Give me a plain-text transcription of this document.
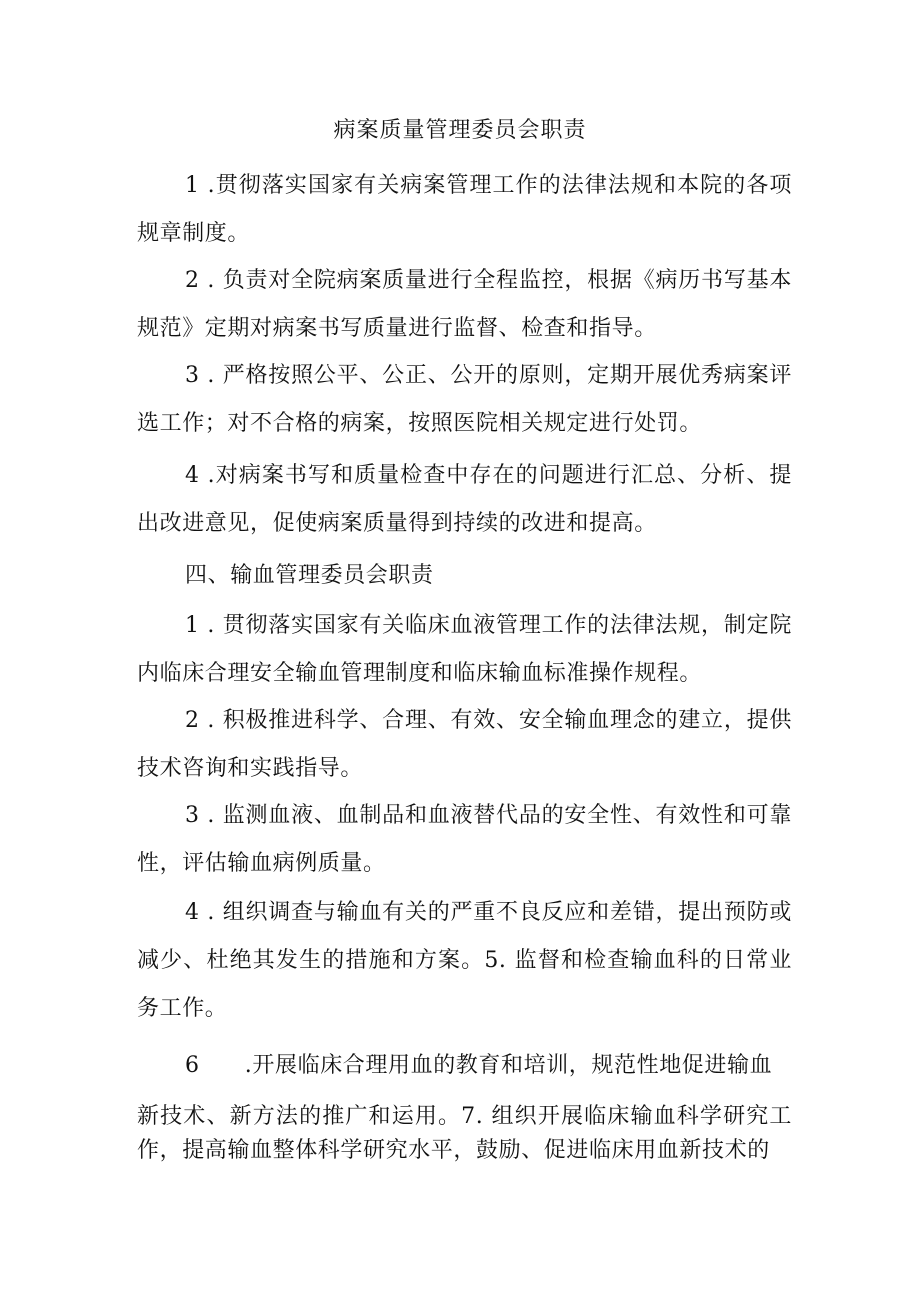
病案质量管理委员会职责
1 .贯彻落实国家有关病案管理工作的法律法规和本院的各项规章制度。
2 . 负责对全院病案质量进行全程监控，根据《病历书写基本规范》定期对病案书写质量进行监督、检查和指导。
3 . 严格按照公平、公正、公开的原则，定期开展优秀病案评选工作；对不合格的病案，按照医院相关规定进行处罚。
4 .对病案书写和质量检查中存在的问题进行汇总、分析、提出改进意见，促使病案质量得到持续的改进和提高。
四、输血管理委员会职责
1 . 贯彻落实国家有关临床血液管理工作的法律法规，制定院内临床合理安全输血管理制度和临床输血标准操作规程。
2 . 积极推进科学、合理、有效、安全输血理念的建立，提供技术咨询和实践指导。
3 . 监测血液、血制品和血液替代品的安全性、有效性和可靠性，评估输血病例质量。
4 . 组织调查与输血有关的严重不良反应和差错，提出预防或减少、杜绝其发生的措施和方案。5. 监督和检查输血科的日常业务工作。
6　　.开展临床合理用血的教育和培训，规范性地促进输血
新技术、新方法的推广和运用。7. 组织开展临床输血科学研究工作，提高输血整体科学研究水平，鼓励、促进临床用血新技术的
